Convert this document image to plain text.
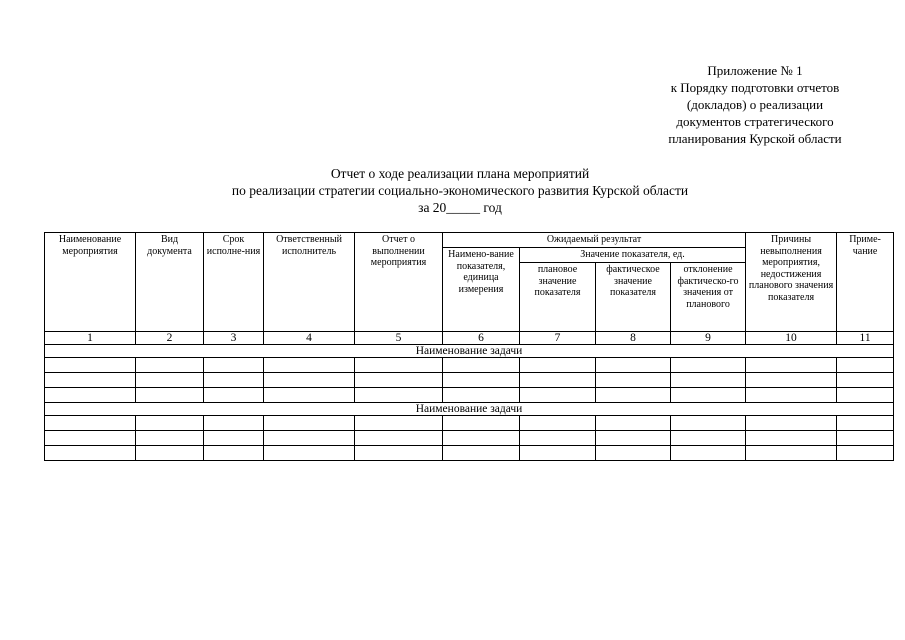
Приложение № 1
к Порядку подготовки отчетов
(докладов) о реализации
документов стратегического
планирования Курской области
Отчет о ходе реализации плана мероприятий
по реализации стратегии социально-экономического развития Курской области
за 20_____ год
Наименование мероприятия	Вид документа	Срок исполне-ния	Ответственный исполнитель	Отчет о выполнении мероприятия	Ожидаемый результат				Причины невыполнения мероприятия, недостижения планового значения показателя	Приме-чание
					Наимено-вание показателя, единица измерения	Значение показателя, ед.				
						плановое значение показателя	фактическое значение показателя	отклонение фактическо-го значения от планового		
1	2	3	4	5	6	7	8	9	10	11
Наименование задачи										

Наименование задачи										
